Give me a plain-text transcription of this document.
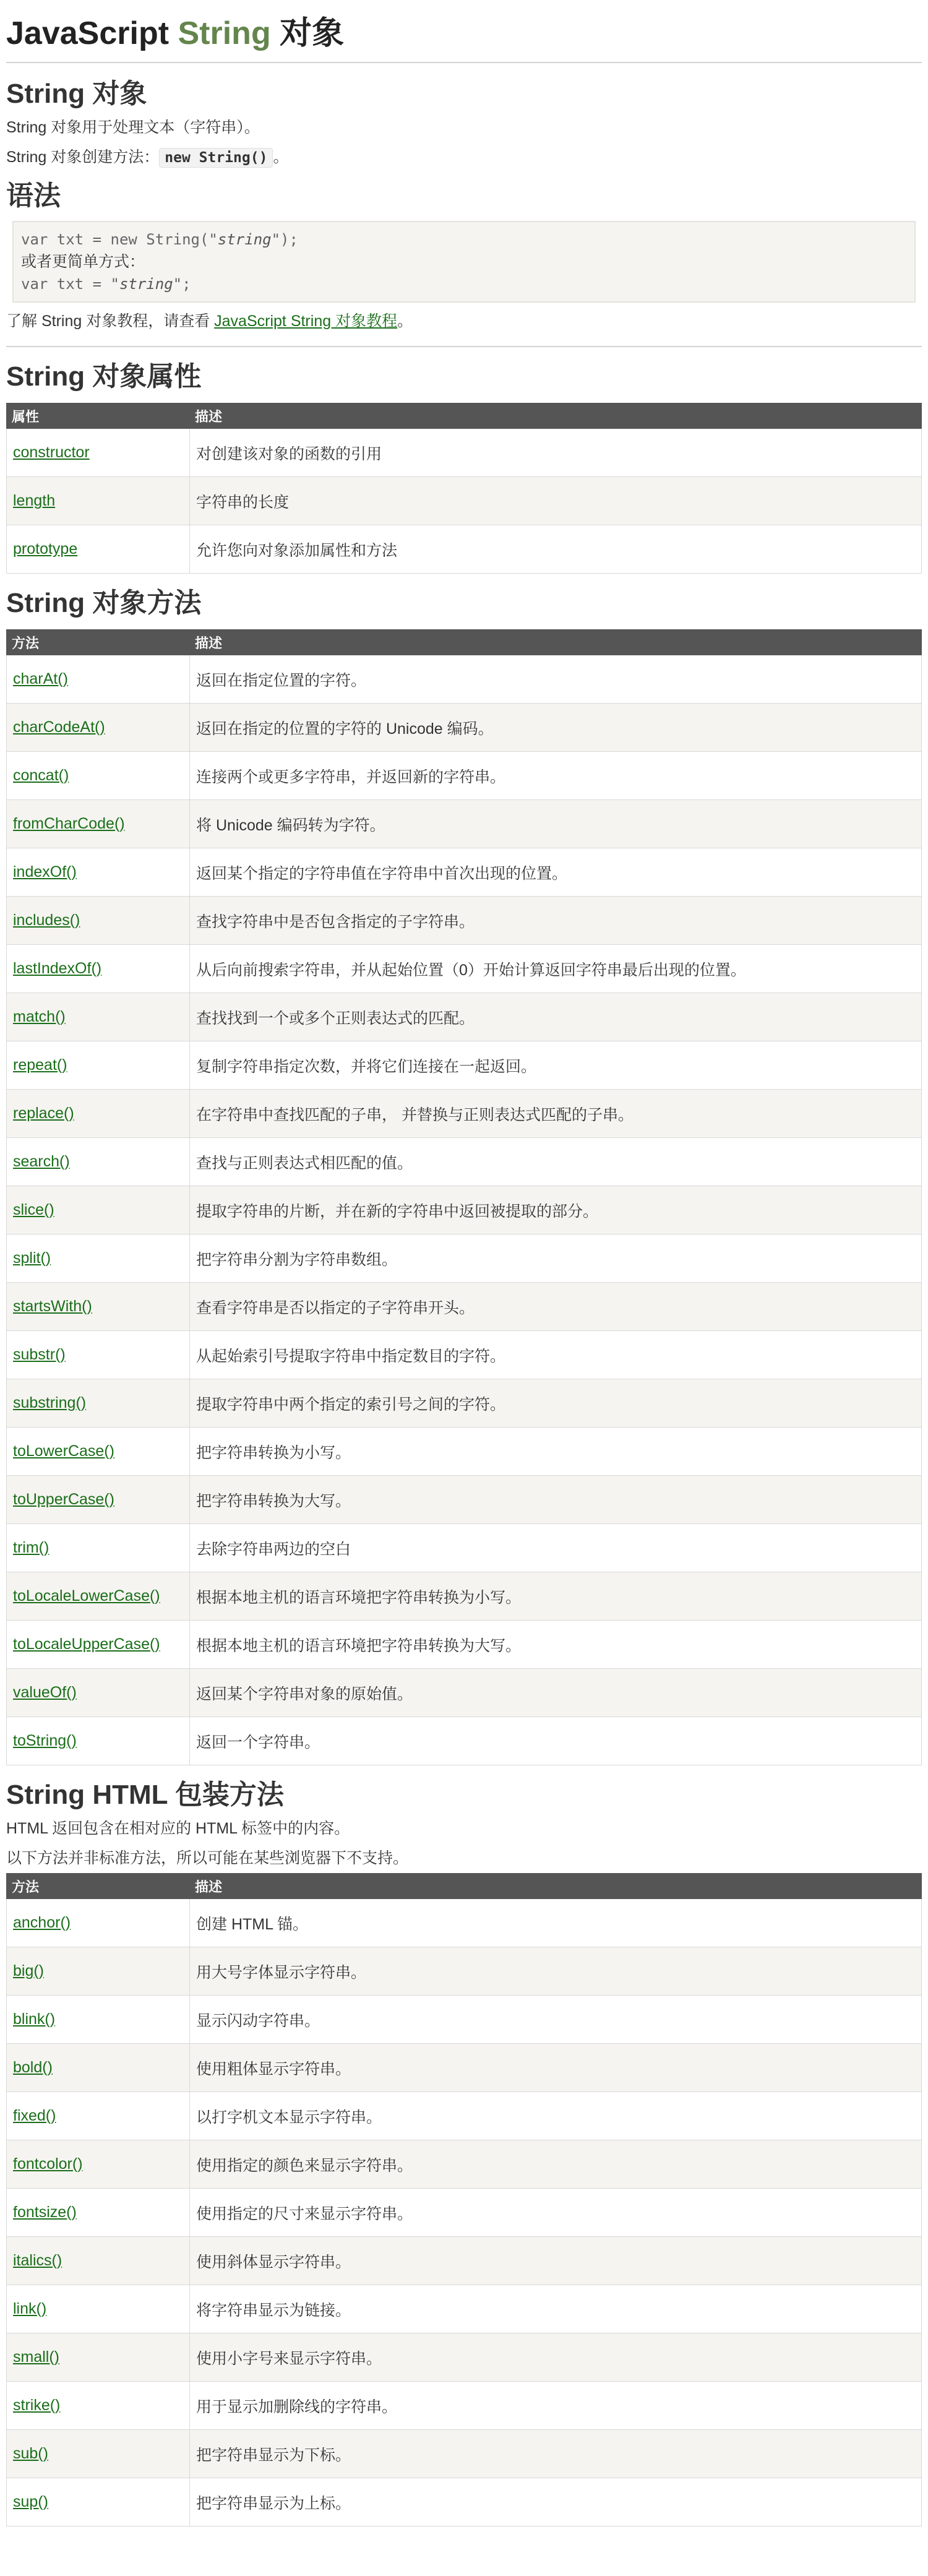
JavaScript String 对象
String 对象

String 对象用于处理文本（字符串）。

String 对象创建方法： new String() 。

语法
var txt = new String("string");
或者更简单方式：
var txt = "string";

了解 String 对象教程，请查看 JavaScript String 对象教程。

String 对象属性
属性	描述
constructor	对创建该对象的函数的引用
length	字符串的长度
prototype	允许您向对象添加属性和方法
String 对象方法
方法	描述
charAt()	返回在指定位置的字符。
charCodeAt()	返回在指定的位置的字符的 Unicode 编码。
concat()	连接两个或更多字符串，并返回新的字符串。
fromCharCode()	将 Unicode 编码转为字符。
indexOf()	返回某个指定的字符串值在字符串中首次出现的位置。
includes()	查找字符串中是否包含指定的子字符串。
lastIndexOf()	从后向前搜索字符串，并从起始位置（0）开始计算返回字符串最后出现的位置。
match()	查找找到一个或多个正则表达式的匹配。
repeat()	复制字符串指定次数，并将它们连接在一起返回。
replace()	在字符串中查找匹配的子串， 并替换与正则表达式匹配的子串。
search()	查找与正则表达式相匹配的值。
slice()	提取字符串的片断，并在新的字符串中返回被提取的部分。
split()	把字符串分割为字符串数组。
startsWith()	查看字符串是否以指定的子字符串开头。
substr()	从起始索引号提取字符串中指定数目的字符。
substring()	提取字符串中两个指定的索引号之间的字符。
toLowerCase()	把字符串转换为小写。
toUpperCase()	把字符串转换为大写。
trim()	去除字符串两边的空白
toLocaleLowerCase()	根据本地主机的语言环境把字符串转换为小写。
toLocaleUpperCase()	根据本地主机的语言环境把字符串转换为大写。
valueOf()	返回某个字符串对象的原始值。
toString()	返回一个字符串。
String HTML 包装方法

HTML 返回包含在相对应的 HTML 标签中的内容。

以下方法并非标准方法，所以可能在某些浏览器下不支持。

方法	描述
anchor()	创建 HTML 锚。
big()	用大号字体显示字符串。
blink()	显示闪动字符串。
bold()	使用粗体显示字符串。
fixed()	以打字机文本显示字符串。
fontcolor()	使用指定的颜色来显示字符串。
fontsize()	使用指定的尺寸来显示字符串。
italics()	使用斜体显示字符串。
link()	将字符串显示为链接。
small()	使用小字号来显示字符串。
strike()	用于显示加删除线的字符串。
sub()	把字符串显示为下标。
sup()	把字符串显示为上标。
